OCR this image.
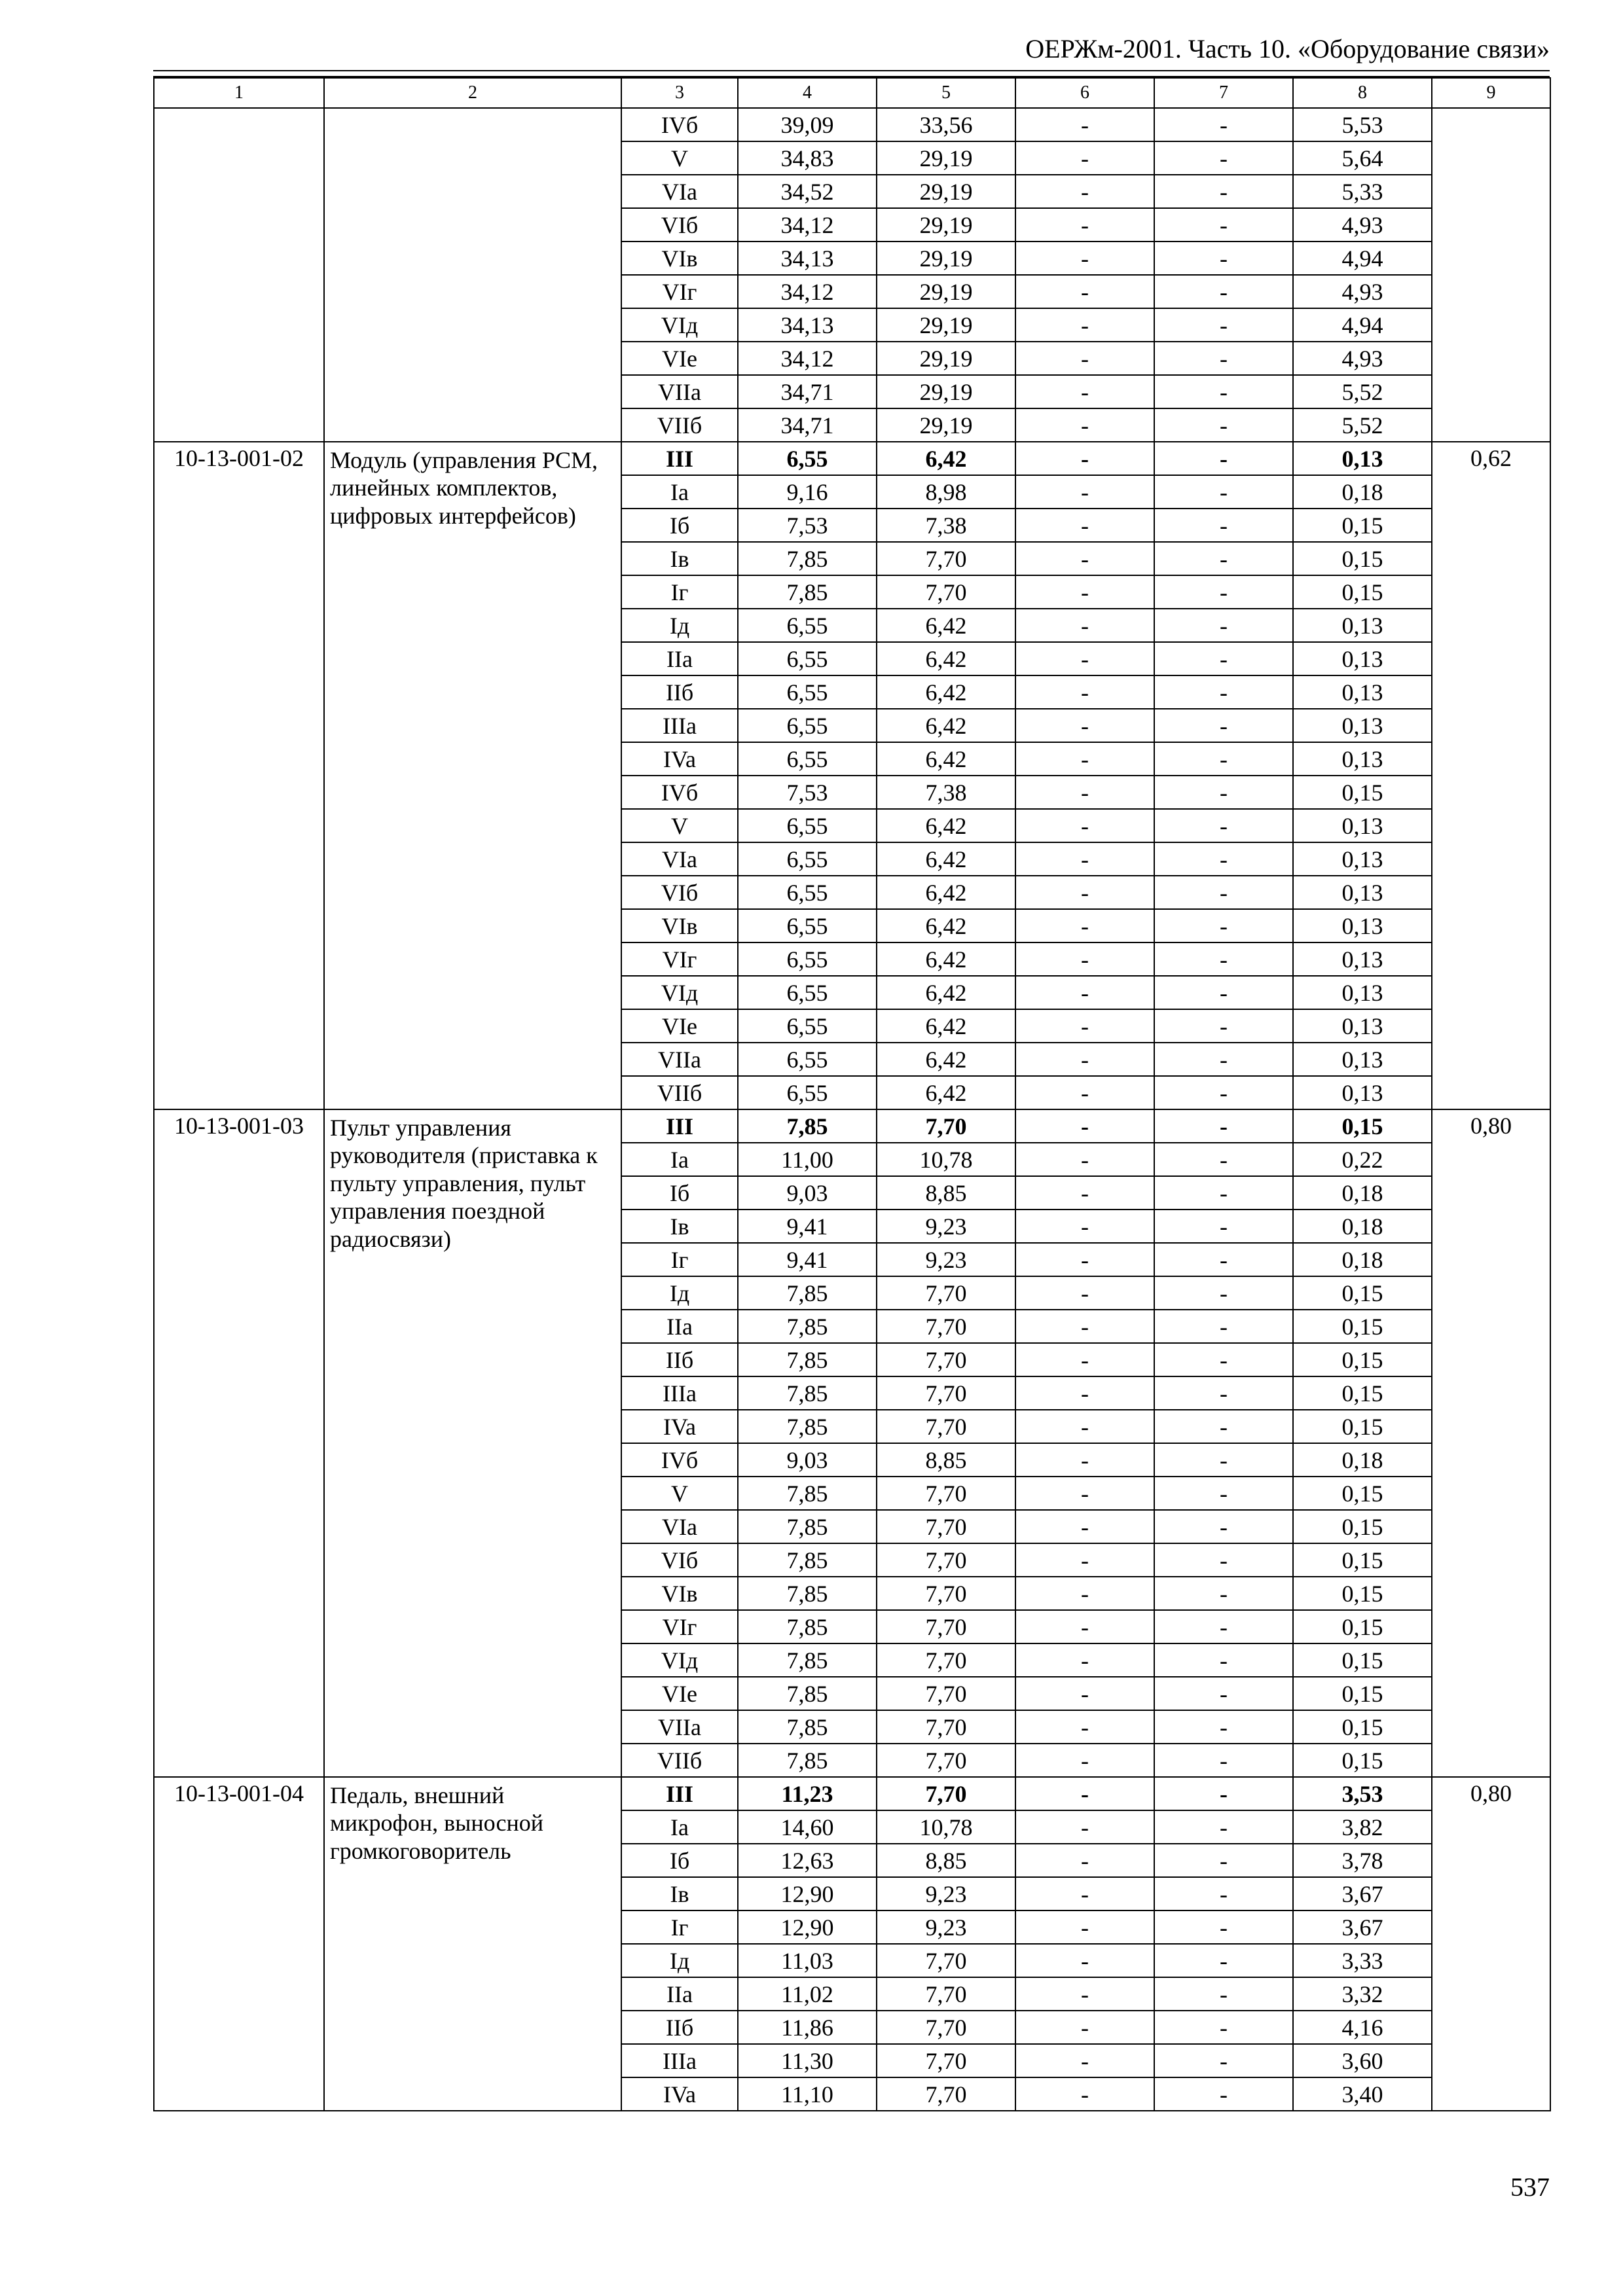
ОЕРЖм-2001. Часть 10. «Оборудование связи»
1	2	3	4	5	6	7	8	9
		IVб	39,09	33,56	-	-	5,53	
		V	34,83	29,19	-	-	5,64	
		VIa	34,52	29,19	-	-	5,33	
		VIб	34,12	29,19	-	-	4,93	
		VIв	34,13	29,19	-	-	4,94	
		VIг	34,12	29,19	-	-	4,93	
		VIд	34,13	29,19	-	-	4,94	
		VIe	34,12	29,19	-	-	4,93	
		VIIa	34,71	29,19	-	-	5,52	
		VIIб	34,71	29,19	-	-	5,52	
10-13-001-02	Модуль (управления PCM, линейных комплектов, цифровых интерфейсов)	III	6,55	6,42	-	-	0,13	0,62
		Ia	9,16	8,98	-	-	0,18	
		Iб	7,53	7,38	-	-	0,15	
		Iв	7,85	7,70	-	-	0,15	
		Iг	7,85	7,70	-	-	0,15	
		Iд	6,55	6,42	-	-	0,13	
		IIa	6,55	6,42	-	-	0,13	
		IIб	6,55	6,42	-	-	0,13	
		IIIa	6,55	6,42	-	-	0,13	
		IVa	6,55	6,42	-	-	0,13	
		IVб	7,53	7,38	-	-	0,15	
		V	6,55	6,42	-	-	0,13	
		VIa	6,55	6,42	-	-	0,13	
		VIб	6,55	6,42	-	-	0,13	
		VIв	6,55	6,42	-	-	0,13	
		VIг	6,55	6,42	-	-	0,13	
		VIд	6,55	6,42	-	-	0,13	
		VIe	6,55	6,42	-	-	0,13	
		VIIa	6,55	6,42	-	-	0,13	
		VIIб	6,55	6,42	-	-	0,13	
10-13-001-03	Пульт управления руководителя (приставка к пульту управления, пульт управления поездной радиосвязи)	III	7,85	7,70	-	-	0,15	0,80
		Ia	11,00	10,78	-	-	0,22	
		Iб	9,03	8,85	-	-	0,18	
		Iв	9,41	9,23	-	-	0,18	
		Iг	9,41	9,23	-	-	0,18	
		Iд	7,85	7,70	-	-	0,15	
		IIa	7,85	7,70	-	-	0,15	
		IIб	7,85	7,70	-	-	0,15	
		IIIa	7,85	7,70	-	-	0,15	
		IVa	7,85	7,70	-	-	0,15	
		IVб	9,03	8,85	-	-	0,18	
		V	7,85	7,70	-	-	0,15	
		VIa	7,85	7,70	-	-	0,15	
		VIб	7,85	7,70	-	-	0,15	
		VIв	7,85	7,70	-	-	0,15	
		VIг	7,85	7,70	-	-	0,15	
		VIд	7,85	7,70	-	-	0,15	
		VIe	7,85	7,70	-	-	0,15	
		VIIa	7,85	7,70	-	-	0,15	
		VIIб	7,85	7,70	-	-	0,15	
10-13-001-04	Педаль, внешний микрофон, выносной громкоговоритель	III	11,23	7,70	-	-	3,53	0,80
		Ia	14,60	10,78	-	-	3,82	
		Iб	12,63	8,85	-	-	3,78	
		Iв	12,90	9,23	-	-	3,67	
		Iг	12,90	9,23	-	-	3,67	
		Iд	11,03	7,70	-	-	3,33	
		IIa	11,02	7,70	-	-	3,32	
		IIб	11,86	7,70	-	-	4,16	
		IIIa	11,30	7,70	-	-	3,60	
		IVa	11,10	7,70	-	-	3,40	
537
